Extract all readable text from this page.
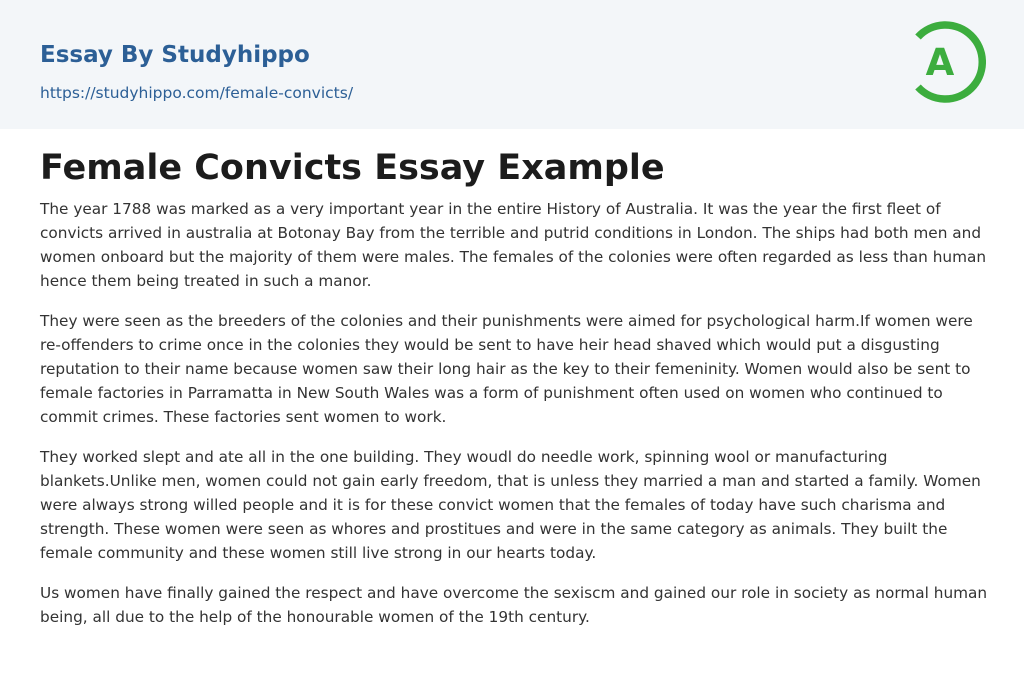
Essay By Studyhippo
https://studyhippo.com/female-convicts/
A
Female Convicts Essay Example

The year 1788 was marked as a very important year in the entire History of Australia. It was the year the first fleet of convicts arrived in australia at Botonay Bay from the terrible and putrid conditions in London. The ships had both men and women onboard but the majority of them were males. The females of the colonies were often regarded as less than human hence them being treated in such a manor.

They were seen as the breeders of the colonies and their punishments were aimed for psychological harm.If women were re-offenders to crime once in the colonies they would be sent to have heir head shaved which would put a disgusting reputation to their name because women saw their long hair as the key to their femeninity. Women would also be sent to female factories in Parramatta in New South Wales was a form of punishment often used on women who continued to commit crimes. These factories sent women to work.

They worked slept and ate all in the one building. They woudl do needle work, spinning wool or manufacturing blankets.Unlike men, women could not gain early freedom, that is unless they married a man and started a family. Women were always strong willed people and it is for these convict women that the females of today have such charisma and strength. These women were seen as whores and prostitues and were in the same category as animals. They built the female community and these women still live strong in our hearts today.

Us women have finally gained the respect and have overcome the sexiscm and gained our role in society as normal human being, all due to the help of the honourable women of the 19th century.
